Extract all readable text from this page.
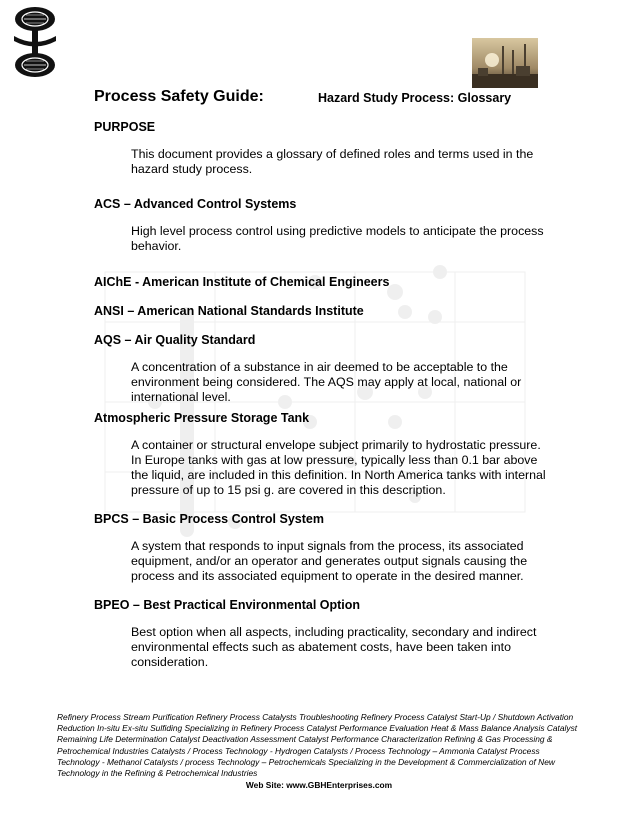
Process Safety Guide:	Hazard Study Process: Glossary

PURPOSE

This document provides a glossary of defined roles and terms used in the hazard study process.

ACS – Advanced Control Systems

High level process control using predictive models to anticipate the process behavior.

AIChE - American Institute of Chemical Engineers

ANSI – American National Standards Institute

AQS – Air Quality Standard

A concentration of a substance in air deemed to be acceptable to the environment being considered. The AQS may apply at local, national or international level.

Atmospheric Pressure Storage Tank

A container or structural envelope subject primarily to hydrostatic pressure. In Europe tanks with gas at low pressure, typically less than 0.1 bar above the liquid, are included in this definition. In North America tanks with internal pressure of up to 15 psi g. are covered in this description.

BPCS – Basic Process Control System

A system that responds to input signals from the process, its associated equipment, and/or an operator and generates output signals causing the process and its associated equipment to operate in the desired manner.

BPEO – Best Practical Environmental Option

Best option when all aspects, including practicality, secondary and indirect environmental effects such as abatement costs, have been taken into consideration.

Refinery Process Stream Purification Refinery Process Catalysts Troubleshooting Refinery Process Catalyst Start-Up / Shutdown Activation Reduction In-situ Ex-situ Sulfiding Specializing in Refinery Process Catalyst Performance Evaluation Heat & Mass Balance Analysis Catalyst Remaining Life Determination Catalyst Deactivation Assessment Catalyst Performance Characterization Refining & Gas Processing & Petrochemical Industries Catalysts / Process Technology - Hydrogen Catalysts / Process Technology – Ammonia Catalyst Process Technology - Methanol Catalysts / process Technology – Petrochemicals Specializing in the Development & Commercialization of New Technology in the Refining & Petrochemical Industries
Web Site: www.GBHEnterprises.com
